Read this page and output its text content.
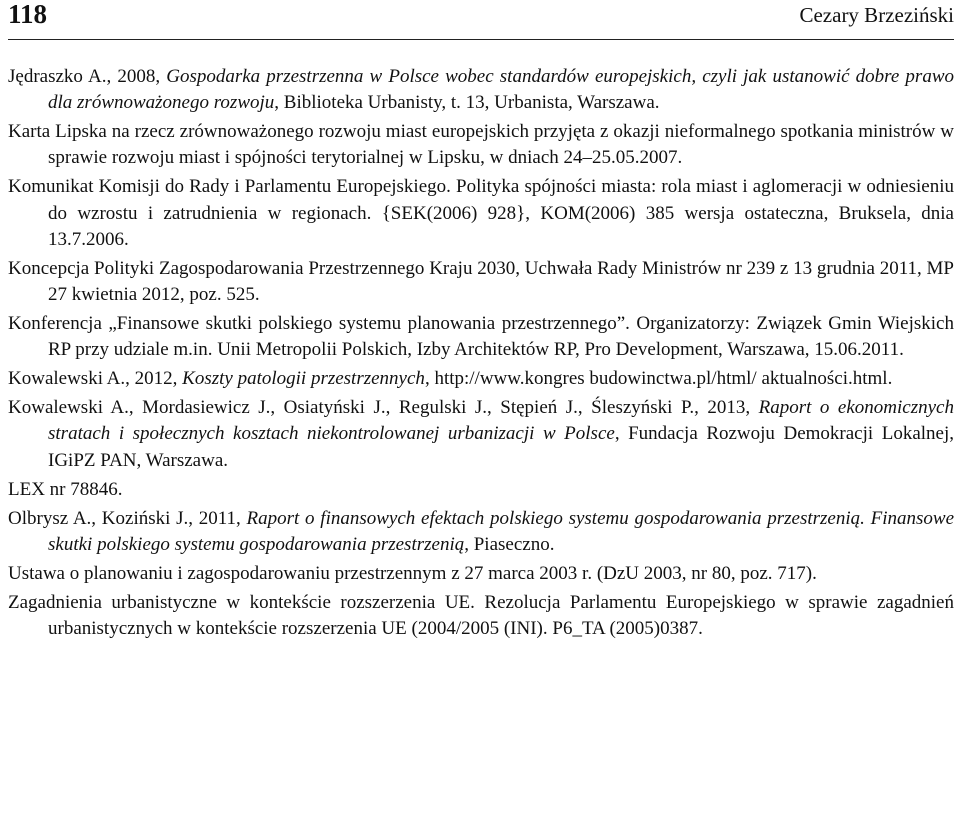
118	Cezary Brzeziński
Jędraszko A., 2008, Gospodarka przestrzenna w Polsce wobec standardów europejskich, czyli jak ustanowić dobre prawo dla zrównoważonego rozwoju, Biblioteka Urbanisty, t. 13, Urbanista, Warszawa.
Karta Lipska na rzecz zrównoważonego rozwoju miast europejskich przyjęta z okazji nieformalnego spotkania ministrów w sprawie rozwoju miast i spójności terytorialnej w Lipsku, w dniach 24–25.05.2007.
Komunikat Komisji do Rady i Parlamentu Europejskiego. Polityka spójności miasta: rola miast i aglomeracji w odniesieniu do wzrostu i zatrudnienia w regionach. {SEK(2006) 928}, KOM(2006) 385 wersja ostateczna, Bruksela, dnia 13.7.2006.
Koncepcja Polityki Zagospodarowania Przestrzennego Kraju 2030, Uchwała Rady Ministrów nr 239 z 13 grudnia 2011, MP 27 kwietnia 2012, poz. 525.
Konferencja „Finansowe skutki polskiego systemu planowania przestrzennego”. Organizatorzy: Związek Gmin Wiejskich RP przy udziale m.in. Unii Metropolii Polskich, Izby Architektów RP, Pro Development, Warszawa, 15.06.2011.
Kowalewski A., 2012, Koszty patologii przestrzennych, http://www.kongres budowinctwa.pl/html/ aktualności.html.
Kowalewski A., Mordasiewicz J., Osiatyński J., Regulski J., Stępień J., Śleszyński P., 2013, Raport o ekonomicznych stratach i społecznych kosztach niekontrolowanej urbanizacji w Polsce, Fundacja Rozwoju Demokracji Lokalnej, IGiPZ PAN, Warszawa.
LEX nr 78846.
Olbrysz A., Koziński J., 2011, Raport o finansowych efektach polskiego systemu gospodarowania przestrzenią. Finansowe skutki polskiego systemu gospodarowania przestrzenią, Piaseczno.
Ustawa o planowaniu i zagospodarowaniu przestrzennym z 27 marca 2003 r. (DzU 2003, nr 80, poz. 717).
Zagadnienia urbanistyczne w kontekście rozszerzenia UE. Rezolucja Parlamentu Europejskiego w sprawie zagadnień urbanistycznych w kontekście rozszerzenia UE (2004/2005 (INI). P6_TA (2005)0387.
